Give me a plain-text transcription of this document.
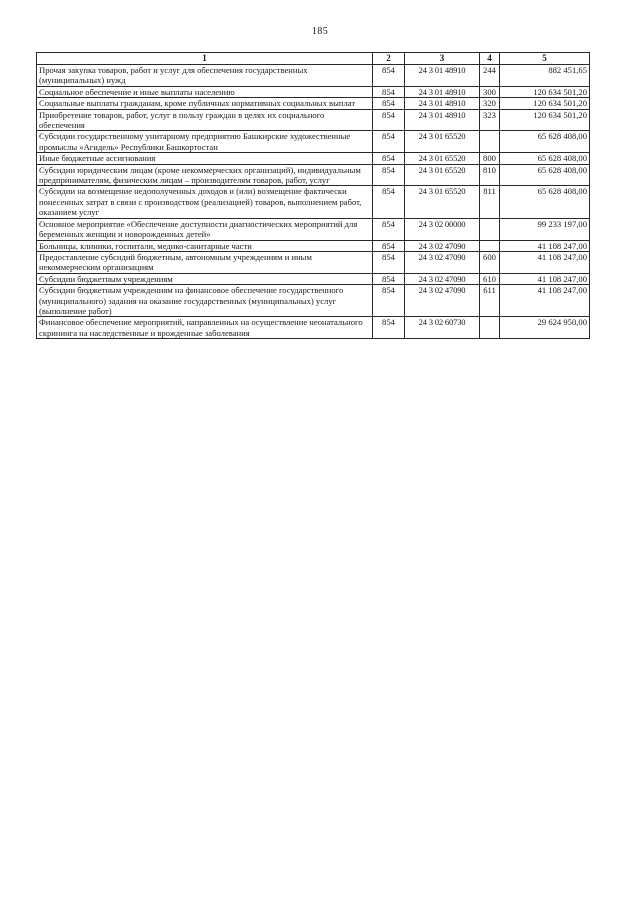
185
1	2	3	4	5
Прочая закупка товаров, работ и услуг для обеспечения государственных (муниципальных) нужд	854	24 3 01 48910	244	882 451,65
Социальное обеспечение и иные выплаты населению	854	24 3 01 48910	300	120 634 501,20
Социальные выплаты гражданам, кроме публичных нормативных социальных выплат	854	24 3 01 48910	320	120 634 501,20
Приобретение товаров, работ, услуг в пользу граждан в целях их социального обеспечения	854	24 3 01 48910	323	120 634 501,20
Субсидии государственному унитарному предприятию Башкирские художественные промыслы «Агидель» Республики Башкортостан	854	24 3 01 65520		65 628 408,00
Иные бюджетные ассигнования	854	24 3 01 65520	800	65 628 408,00
Субсидии юридическим лицам (кроме некоммерческих организаций), индивидуальным предпринимателям, физическим лицам – производителям товаров, работ, услуг	854	24 3 01 65520	810	65 628 408,00
Субсидии на возмещение недополученных доходов и (или) возмещение фактически понесенных затрат в связи с производством (реализацией) товаров, выполнением работ, оказанием услуг	854	24 3 01 65520	811	65 628 408,00
Основное мероприятие «Обеспечение доступности диагностических мероприятий для беременных женщин и новорожденных детей»	854	24 3 02 00000		99 233 197,00
Больницы, клиники, госпитали, медико-санитарные части	854	24 3 02 47090		41 108 247,00
Предоставление субсидий бюджетным, автономным учреждениям и иным некоммерческим организациям	854	24 3 02 47090	600	41 108 247,00
Субсидии бюджетным учреждениям	854	24 3 02 47090	610	41 108 247,00
Субсидии бюджетным учреждениям на финансовое обеспечение государственного (муниципального) задания на оказание государственных (муниципальных) услуг (выполнение работ)	854	24 3 02 47090	611	41 108 247,00
Финансовое обеспечение мероприятий, направленных на осуществление неонатального скрининга на наследственные и врожденные заболевания	854	24 3 02 60730		29 624 950,00
